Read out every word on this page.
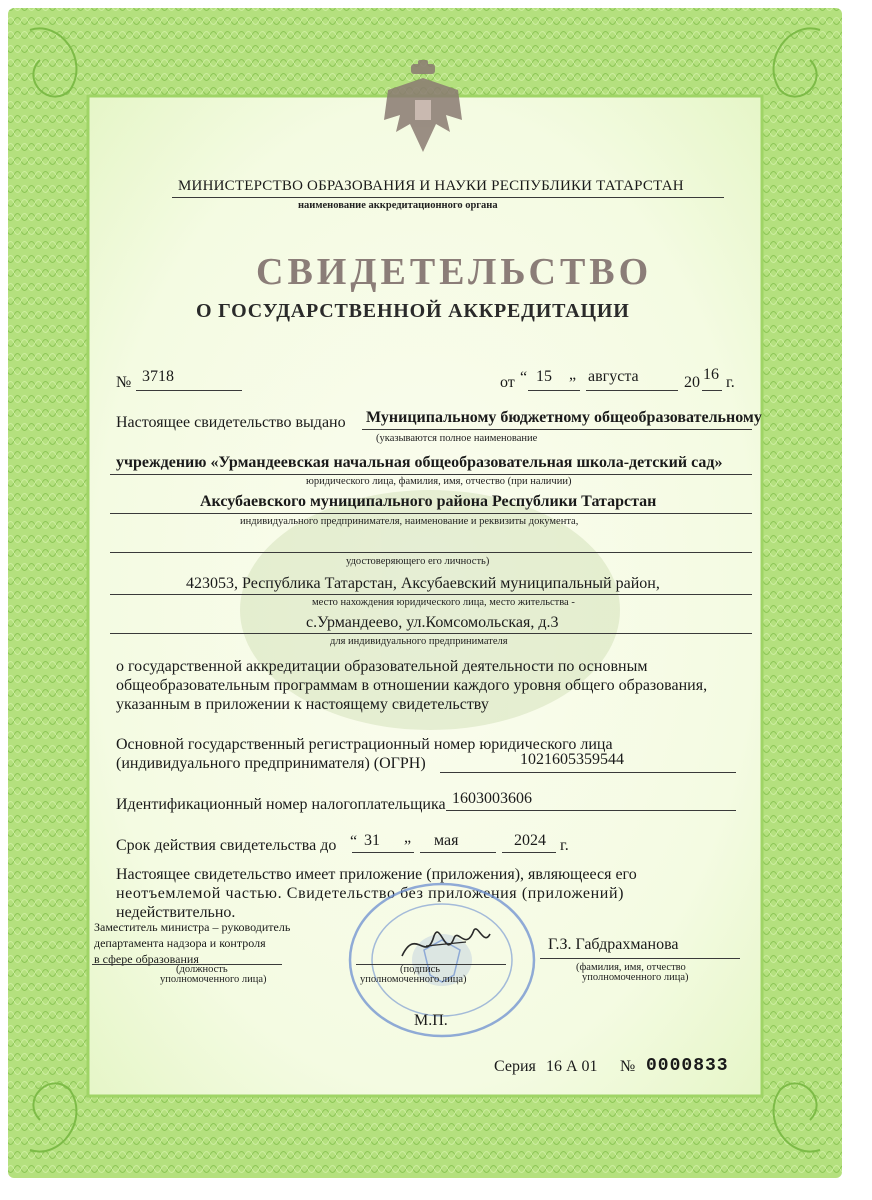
МИНИСТЕРСТВО ОБРАЗОВАНИЯ И НАУКИ РЕСПУБЛИКИ ТАТАРСТАН
наименование аккредитационного органа
СВИДЕТЕЛЬСТВО
О ГОСУДАРСТВЕННОЙ АККРЕДИТАЦИИ
№ 3718	от “ 15 „ августа	20 16 г.
Настоящее свидетельство выдано Муниципальному бюджетному общеобразовательному
(указываются полное наименование
учреждению «Урмандеевская начальная общеобразовательная школа-детский сад»
юридического лица, фамилия, имя, отчество (при наличии)
Аксубаевского муниципального района Республики Татарстан
индивидуального предпринимателя, наименование и реквизиты документа,
удостоверяющего его личность)
423053, Республика Татарстан, Аксубаевский муниципальный район,
место нахождения юридического лица, место жительства -
с.Урмандеево, ул.Комсомольская, д.3
для индивидуального предпринимателя
о государственной аккредитации образовательной деятельности по основным
общеобразовательным программам в отношении каждого уровня общего образования,
указанным в приложении к настоящему свидетельству
Основной государственный регистрационный номер юридического лица
(индивидуального предпринимателя) (ОГРН)	1021605359544
Идентификационный номер налогоплательщика 1603003606
Срок действия свидетельства до “ 31 „ мая	2024 г.
Настоящее свидетельство имеет приложение (приложения), являющееся его
неотъемлемой частью. Свидетельство без приложения (приложений)
недействительно.
Заместитель министра – руководитель
департамента надзора и контроля
в сфере образования
(должность
уполномоченного лица)
(подпись
уполномоченного лица)
Г.З. Габдрахманова
(фамилия, имя, отчество
уполномоченного лица)
М.П.
Серия 16 А 01 № 0000833
